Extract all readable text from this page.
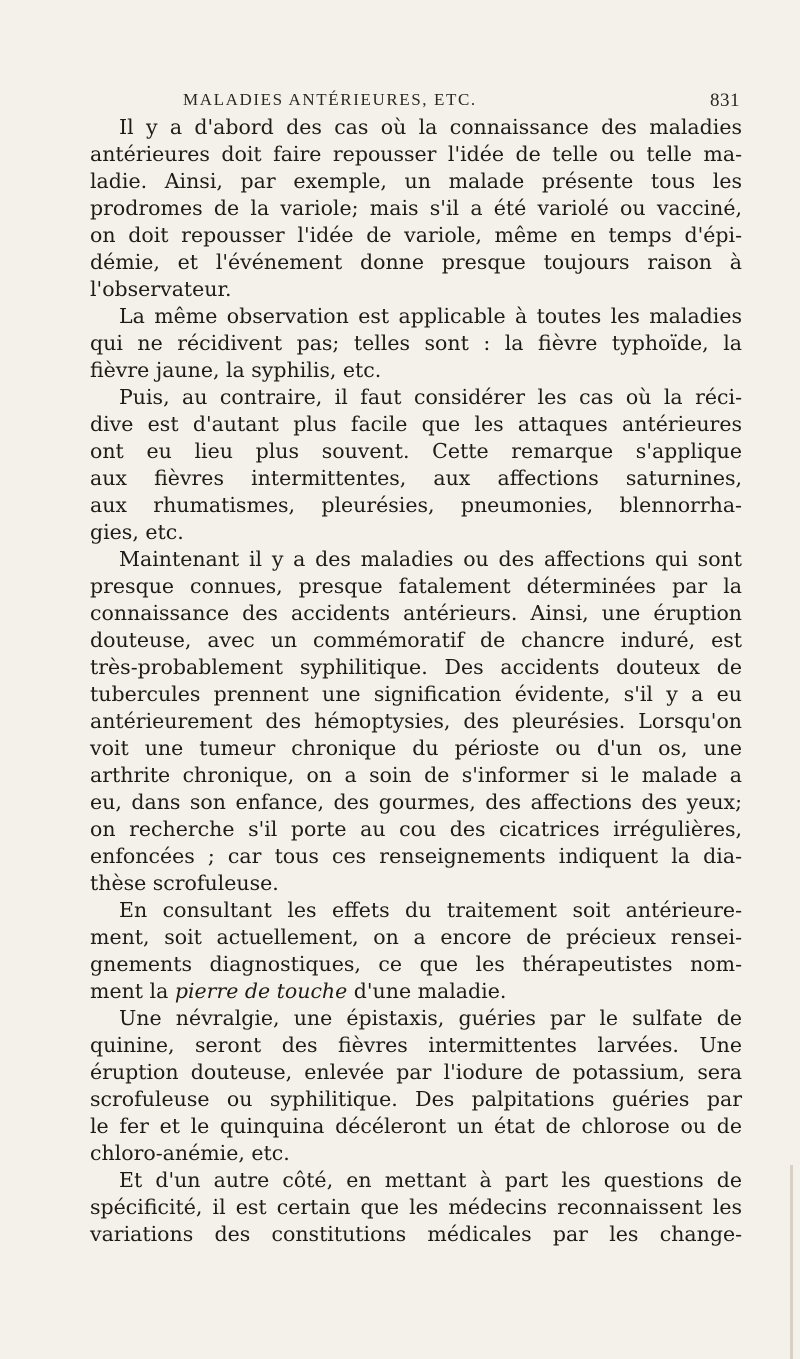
MALADIES ANTÉRIEURES, ETC.	831
Il y a d'abord des cas où la connaissance des maladies
antérieures doit faire repousser l'idée de telle ou telle ma-
ladie. Ainsi, par exemple, un malade présente tous les
prodromes de la variole; mais s'il a été variolé ou vacciné,
on doit repousser l'idée de variole, même en temps d'épi-
démie, et l'événement donne presque toujours raison à
l'observateur.
La même observation est applicable à toutes les maladies
qui ne récidivent pas; telles sont : la fièvre typhoïde, la
fièvre jaune, la syphilis, etc.
Puis, au contraire, il faut considérer les cas où la réci-
dive est d'autant plus facile que les attaques antérieures
ont eu lieu plus souvent. Cette remarque s'applique
aux fièvres intermittentes, aux affections saturnines,
aux rhumatismes, pleurésies, pneumonies, blennorrha-
gies, etc.
Maintenant il y a des maladies ou des affections qui sont
presque connues, presque fatalement déterminées par la
connaissance des accidents antérieurs. Ainsi, une éruption
douteuse, avec un commémoratif de chancre induré, est
très-probablement syphilitique. Des accidents douteux de
tubercules prennent une signification évidente, s'il y a eu
antérieurement des hémoptysies, des pleurésies. Lorsqu'on
voit une tumeur chronique du périoste ou d'un os, une
arthrite chronique, on a soin de s'informer si le malade a
eu, dans son enfance, des gourmes, des affections des yeux;
on recherche s'il porte au cou des cicatrices irrégulières,
enfoncées ; car tous ces renseignements indiquent la dia-
thèse scrofuleuse.
En consultant les effets du traitement soit antérieure-
ment, soit actuellement, on a encore de précieux rensei-
gnements diagnostiques, ce que les thérapeutistes nom-
ment la pierre de touche d'une maladie.
Une névralgie, une épistaxis, guéries par le sulfate de
quinine, seront des fièvres intermittentes larvées. Une
éruption douteuse, enlevée par l'iodure de potassium, sera
scrofuleuse ou syphilitique. Des palpitations guéries par
le fer et le quinquina décéleront un état de chlorose ou de
chloro-anémie, etc.
Et d'un autre côté, en mettant à part les questions de
spécificité, il est certain que les médecins reconnaissent les
variations des constitutions médicales par les change-
